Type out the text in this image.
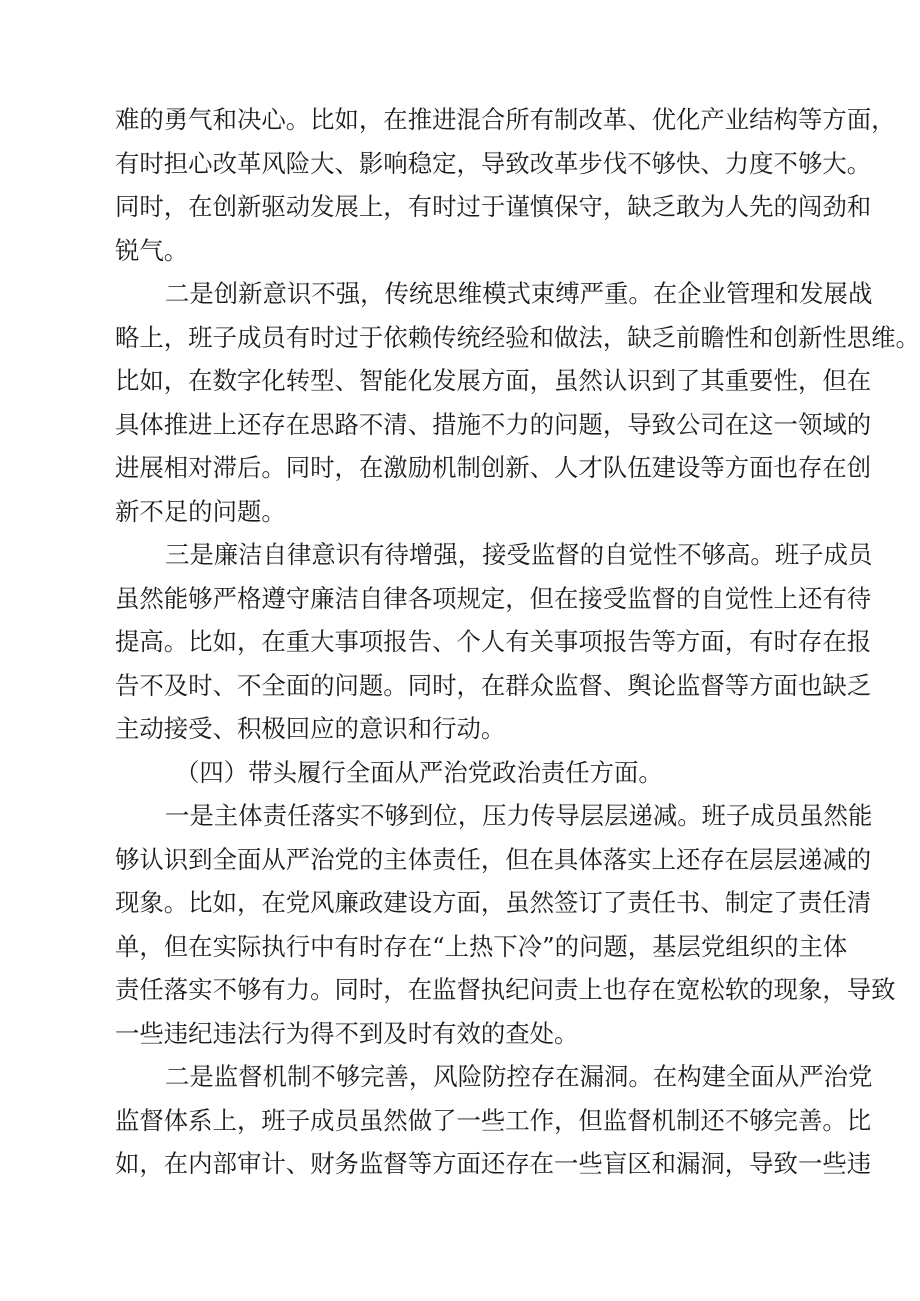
难的勇气和决心。比如，在推进混合所有制改革、优化产业结构等方面，
有时担心改革风险大、影响稳定，导致改革步伐不够快、力度不够大。
同时，在创新驱动发展上，有时过于谨慎保守，缺乏敢为人先的闯劲和
锐气。
二是创新意识不强，传统思维模式束缚严重。在企业管理和发展战
略上，班子成员有时过于依赖传统经验和做法，缺乏前瞻性和创新性思维。
比如，在数字化转型、智能化发展方面，虽然认识到了其重要性，但在
具体推进上还存在思路不清、措施不力的问题，导致公司在这一领域的
进展相对滞后。同时，在激励机制创新、人才队伍建设等方面也存在创
新不足的问题。
三是廉洁自律意识有待增强，接受监督的自觉性不够高。班子成员
虽然能够严格遵守廉洁自律各项规定，但在接受监督的自觉性上还有待
提高。比如，在重大事项报告、个人有关事项报告等方面，有时存在报
告不及时、不全面的问题。同时，在群众监督、舆论监督等方面也缺乏
主动接受、积极回应的意识和行动。
（四）带头履行全面从严治党政治责任方面。
一是主体责任落实不够到位，压力传导层层递减。班子成员虽然能
够认识到全面从严治党的主体责任，但在具体落实上还存在层层递减的
现象。比如，在党风廉政建设方面，虽然签订了责任书、制定了责任清
单，但在实际执行中有时存在“上热下冷”的问题，基层党组织的主体
责任落实不够有力。同时，在监督执纪问责上也存在宽松软的现象，导致
一些违纪违法行为得不到及时有效的查处。
二是监督机制不够完善，风险防控存在漏洞。在构建全面从严治党
监督体系上，班子成员虽然做了一些工作，但监督机制还不够完善。比
如，在内部审计、财务监督等方面还存在一些盲区和漏洞，导致一些违
